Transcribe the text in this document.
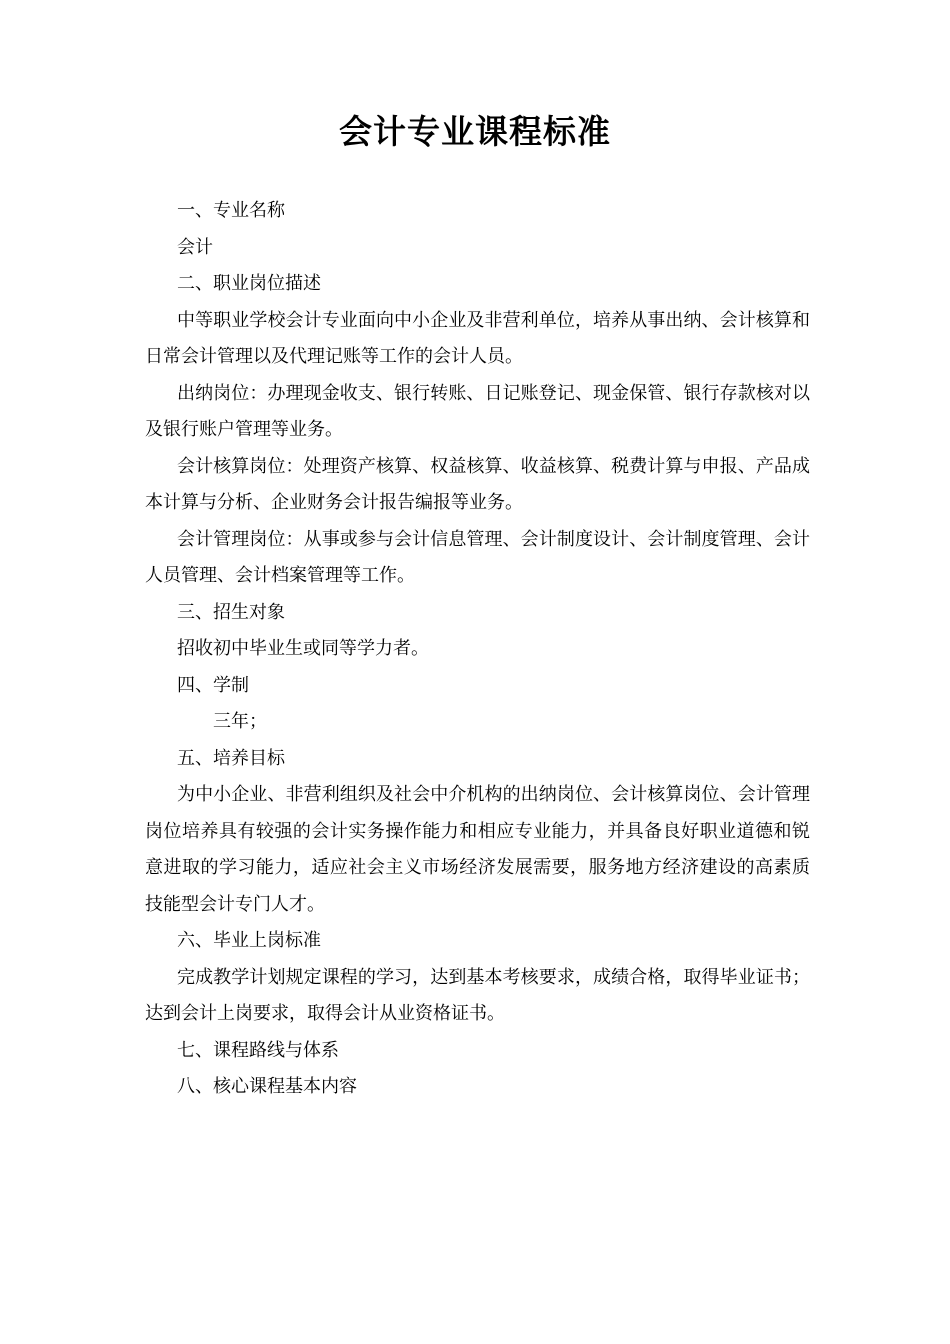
会计专业课程标准

一、专业名称

会计

二、职业岗位描述

中等职业学校会计专业面向中小企业及非营利单位，培养从事出纳、会计核算和日常会计管理以及代理记账等工作的会计人员。

出纳岗位：办理现金收支、银行转账、日记账登记、现金保管、银行存款核对以及银行账户管理等业务。

会计核算岗位：处理资产核算、权益核算、收益核算、税费计算与申报、产品成本计算与分析、企业财务会计报告编报等业务。

会计管理岗位：从事或参与会计信息管理、会计制度设计、会计制度管理、会计人员管理、会计档案管理等工作。

三、招生对象

招收初中毕业生或同等学力者。

四、学制

三年；

五、培养目标

为中小企业、非营利组织及社会中介机构的出纳岗位、会计核算岗位、会计管理岗位培养具有较强的会计实务操作能力和相应专业能力，并具备良好职业道德和锐意进取的学习能力，适应社会主义市场经济发展需要，服务地方经济建设的高素质技能型会计专门人才。

六、毕业上岗标准

完成教学计划规定课程的学习，达到基本考核要求，成绩合格，取得毕业证书；达到会计上岗要求，取得会计从业资格证书。

七、课程路线与体系

八、核心课程基本内容
